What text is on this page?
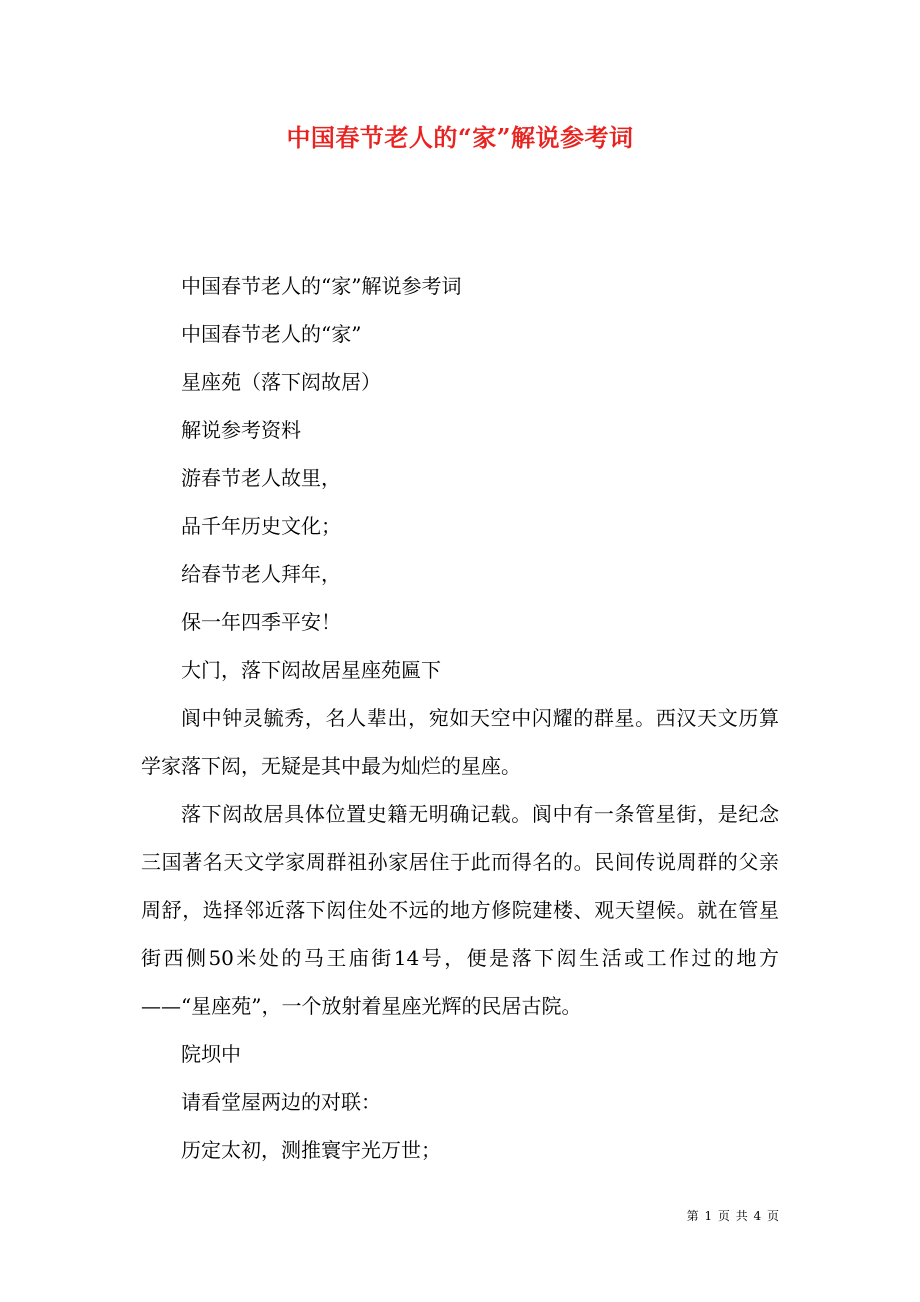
中国春节老人的“家”解说参考词

中国春节老人的“家”解说参考词

中国春节老人的“家”

星座苑（落下闳故居）

解说参考资料

游春节老人故里，

品千年历史文化；

给春节老人拜年，

保一年四季平安！

大门，落下闳故居星座苑匾下

阆中钟灵毓秀，名人辈出，宛如天空中闪耀的群星。西汉天文历算学家落下闳，无疑是其中最为灿烂的星座。

落下闳故居具体位置史籍无明确记载。阆中有一条管星街，是纪念三国著名天文学家周群祖孙家居住于此而得名的。民间传说周群的父亲周舒，选择邻近落下闳住处不远的地方修院建楼、观天望候。就在管星街西侧50米处的马王庙街14号，便是落下闳生活或工作过的地方——“星座苑”，一个放射着星座光辉的民居古院。

院坝中

请看堂屋两边的对联：

历定太初，测推寰宇光万世；

第 1 页 共 4 页
